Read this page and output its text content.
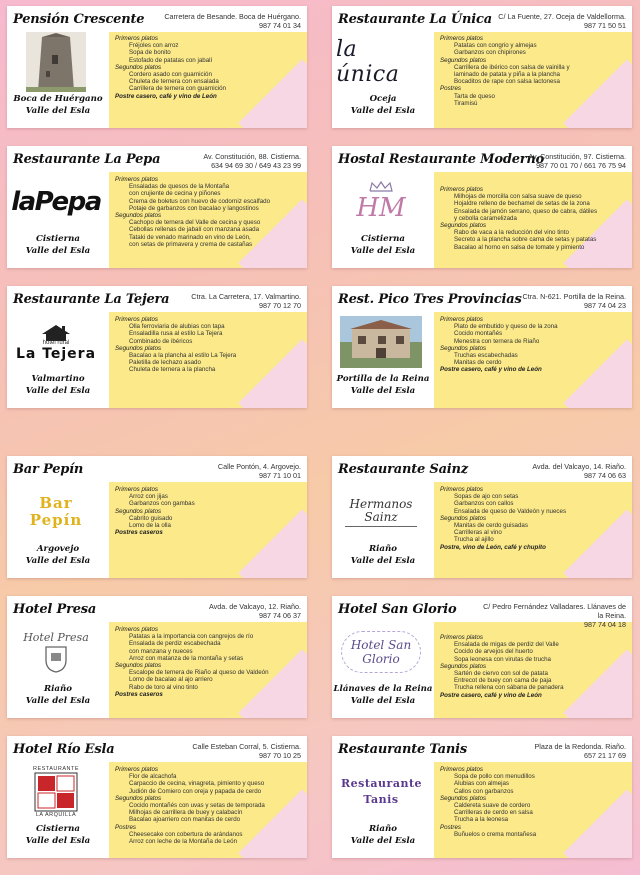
Pensión Crescente	Carretera de Besande. Boca de Huérgano.
987 74 01 34
Boca de Huérgano
Valle del Esla
Primeros platos
Fréjoles con arroz
Sopa de bonito
Estofado de patatas con jabalí
Segundos platos
Cordero asado con guarnición
Chuleta de ternera con ensalada
Carrillera de ternera con guarnición
Postre casero, café y vino de León
Restaurante La Única C/ La Fuente, 27. Oceja de Valdellorma.
987 71 50 51
la única
Oceja
Valle del Esla
Primeros platos
Patatas con congrio y almejas
Garbanzos con chipirones
Segundos platos
Carrillera de ibérico con salsa de vainilla y
laminado de patata y piña a la plancha
Bocaditos de rape con salsa lactonesa
Postres
Tarta de queso
Tiramisú
Restaurante La Pepa	Av. Constitución, 88. Cistierna.
634 94 69 30 / 649 43 23 99
laPepa
Cistierna
Valle del Esla
Primeros platos
Ensaladas de quesos de la Montaña
con crujiente de cecina y piñones
Crema de boletus con huevo de codorniz escalfado
Potaje de garbanzos con bacalao y langostinos
Segundos platos
Cachopo de ternera del Valle de cecina y queso
Cebollas rellenas de jabalí con manzana asada
Tataki de venado marinado en vino de León,
con setas de primavera y crema de castañas
Hostal Restaurante Moderno
Av. Constitución, 97. Cistierna.
987 70 01 70 / 661 76 75 94
HM
Cistierna
Valle del Esla
Primeros platos
Milhojas de morcilla con salsa suave de queso
Hojaldre relleno de bechamel de setas de la zona
Ensalada de jamón serrano, queso de cabra, dátiles
y cebolla caramelizada
Segundos platos
Rabo de vaca a la reducción del vino tinto
Secreto a la plancha sobre cama de setas y patatas
Bacalao al horno en salsa de tomate y pimiento
Restaurante La Tejera	Ctra. La Carretera, 17. Valmartino.
987 70 12 70
hotel rural
La Tejera
Valmartino
Valle del Esla
Primeros platos
Olla ferroviaria de alubias con tapa
Ensaladilla rusa al estilo La Tejera
Combinado de ibéricos
Segundos platos
Bacalao a la plancha al estilo La Tejera
Paletilla de lechazo asado
Chuleta de ternera a la plancha
Rest. Pico Tres Provincias Ctra. N-621. Portilla de la Reina.
987 74 04 23
Portilla de la Reina
Valle del Esla
Primeros platos
Plato de embutido y queso de la zona
Cocido montañés
Menestra con ternera de Riaño
Segundos platos
Truchas escabechadas
Manitas de cerdo
Postre casero, café y vino de León
Bar Pepín	Calle Pontón, 4. Argovejo.
987 71 10 01
Bar Pepín
Argovejo
Valle del Esla
Primeros platos
Arroz con jijas
Garbanzos con gambas
Segundos platos
Cabrito guisado
Lomo de la olla
Postres caseros
Restaurante Sainz	Avda. del Valcayo, 14. Riaño.
987 74 06 63
Hermanos Sainz
Riaño
Valle del Esla
Primeros platos
Sopas de ajo con setas
Garbanzos con callos
Ensalada de queso de Valdeón y nueces
Segundos platos
Manitas de cerdo guisadas
Carrilleras al vino
Trucha al ajillo
Postre, vino de León, café y chupito
Hotel Presa	Avda. de Valcayo, 12. Riaño.
987 74 06 37
Hotel Presa
Riaño
Valle del Esla
Primeros platos
Patatas a la importancia con cangrejos de río
Ensalada de perdiz escabechada
con manzana y nueces
Arroz con matanza de la montaña y setas
Segundos platos
Escalope de ternera de Riaño al queso de Valdeón
Lomo de bacalao al ajo arriero
Rabo de toro al vino tinto
Postres caseros
Hotel San Glorio	C/ Pedro Fernández Valladares. Llánaves de la Reina.
987 74 04 18
Hotel San Glorio
Llánaves de la Reina
Valle del Esla
Primeros platos
Ensalada de migas de perdiz del Valle
Cocido de arvejos del huerto
Sopa leonesa con virutas de trucha
Segundos platos
Sartén de ciervo con sol de patata
Entrecot de buey con cama de paja
Trucha rellena con sábana de panadera
Postre casero, café y vino de León
Hotel Río Esla	Calle Esteban Corral, 5. Cistierna.
987 70 10 25
RESTAURANTE
LA ARQUILLA
Cistierna
Valle del Esla
Primeros platos
Flor de alcachofa
Carpaccio de cecina, vinagreta, pimiento y queso
Judión de Comiero con oreja y papada de cerdo
Segundos platos
Cocido montañés con uvas y setas de temporada
Milhojas de carrillera de buey y calabacín
Bacalao ajoarriero con manitas de cerdo
Postres
Cheesecake con cobertura de arándanos
Arroz con leche de la Montaña de León
Restaurante Tanis	Plaza de la Redonda. Riaño.
657 21 17 69
Restaurante Tanis
Riaño
Valle del Esla
Primeros platos
Sopa de pollo con menudillos
Alubias con almejas
Callos con garbanzos
Segundos platos
Caldereta suave de cordero
Carrilleras de cerdo en salsa
Trucha a la leonesa
Postres
Buñuelos o crema montañesa
